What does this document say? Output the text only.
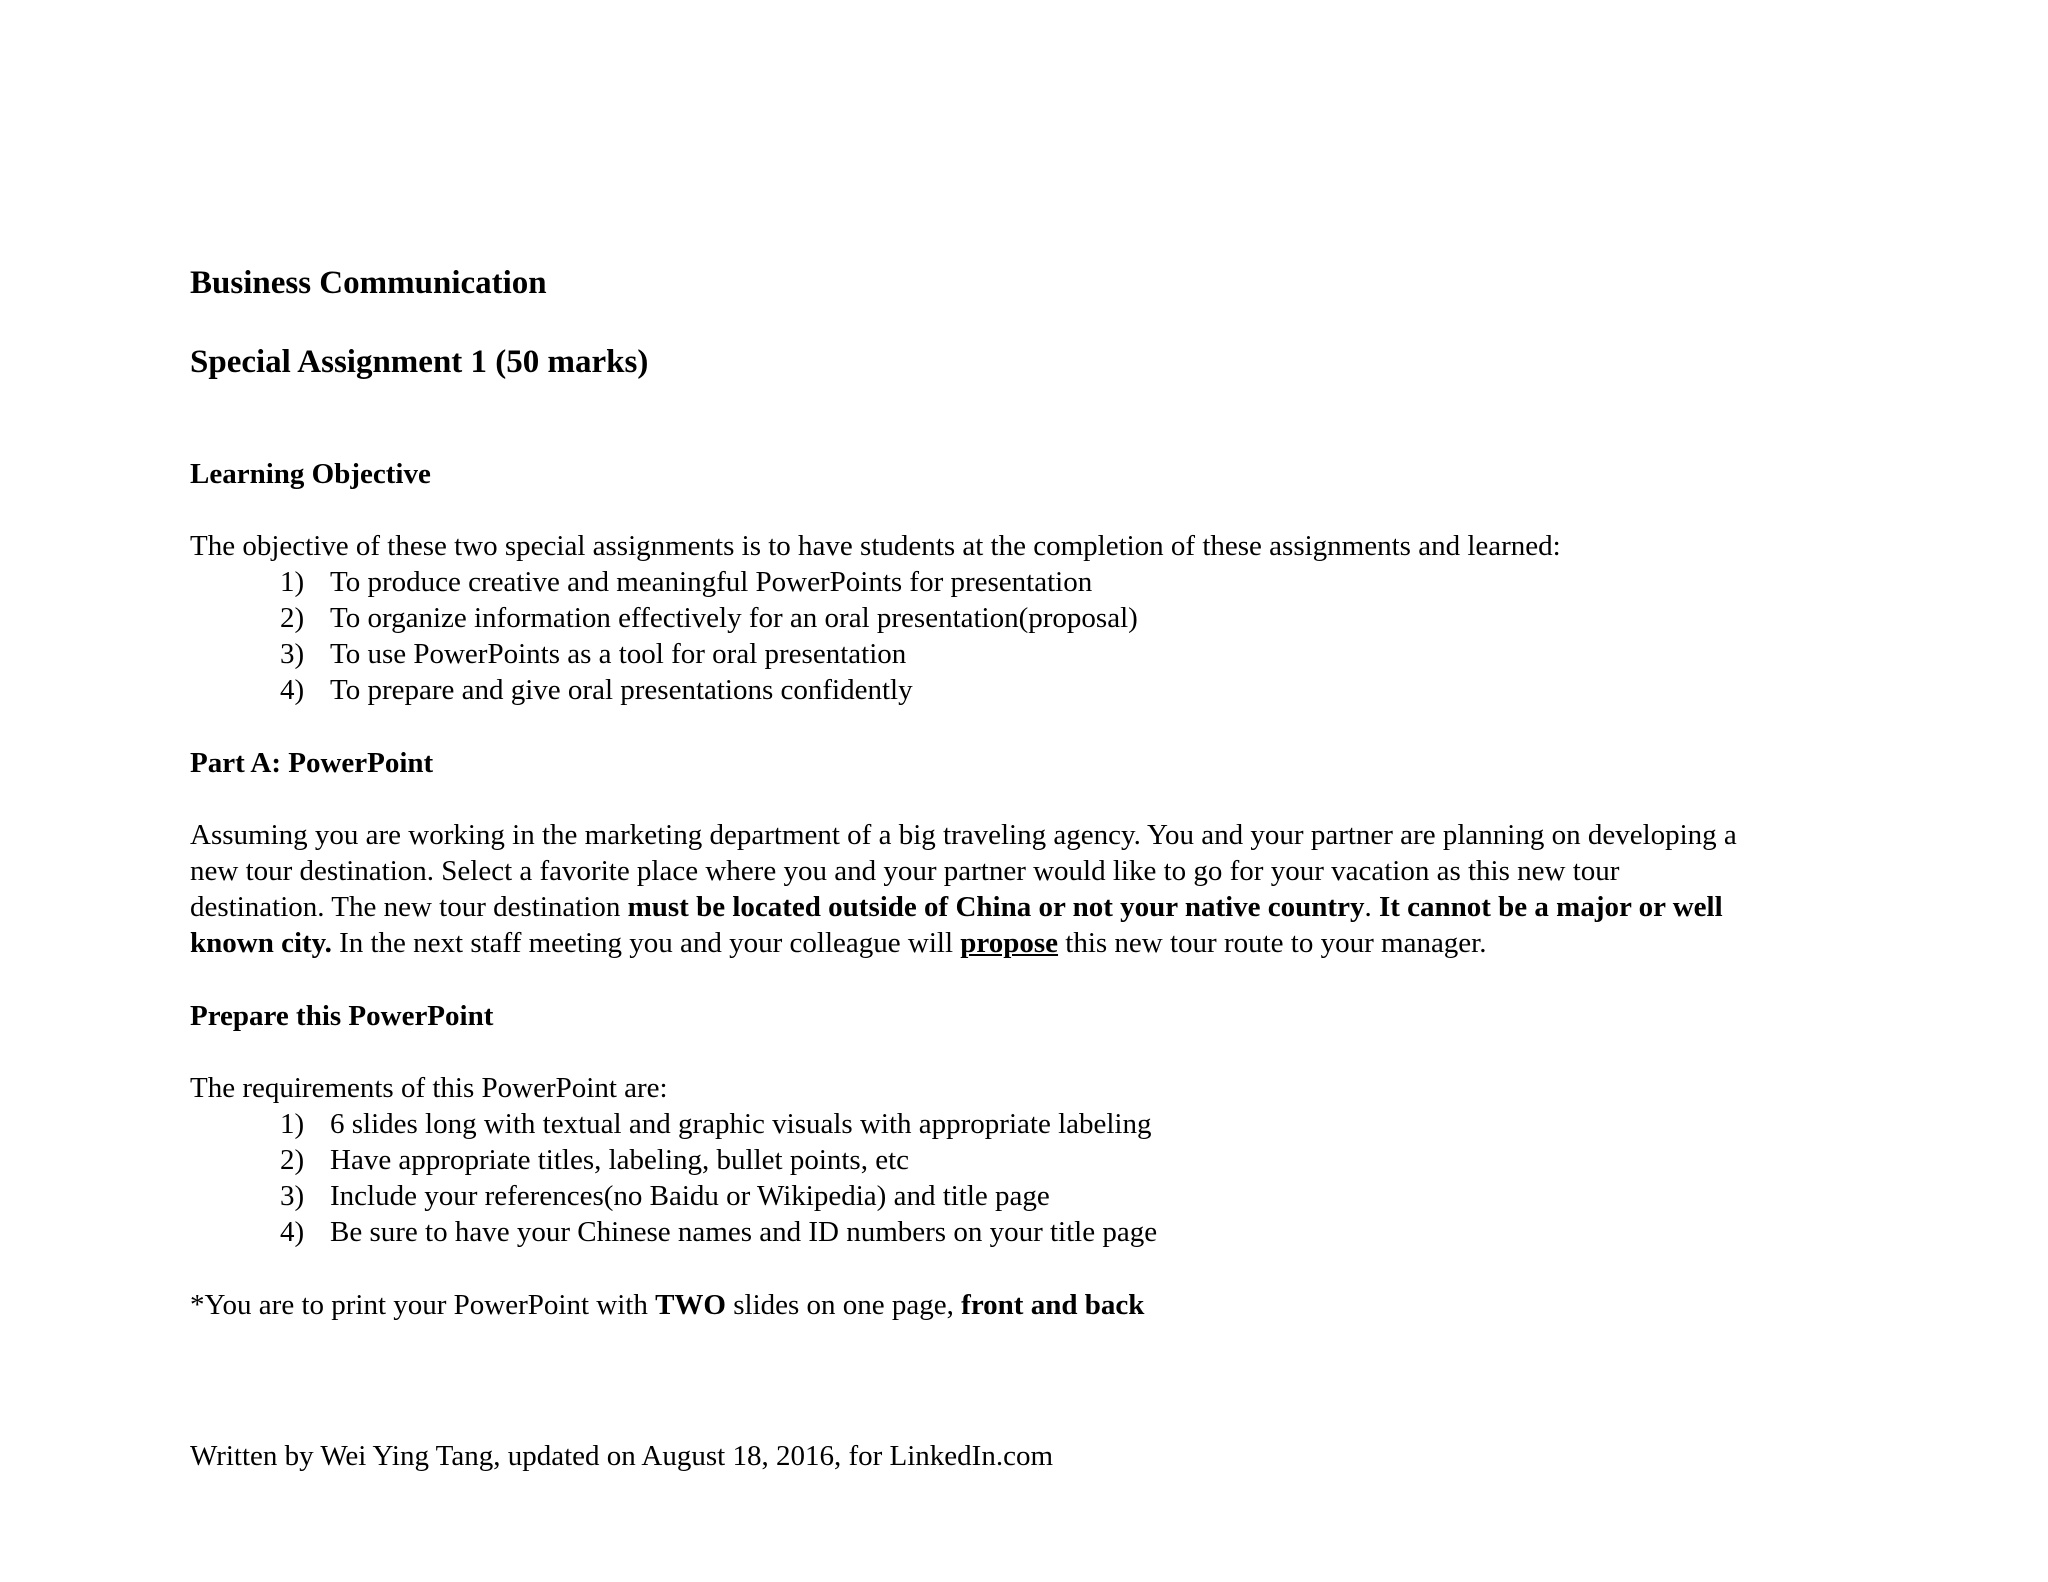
Business Communication
Special Assignment 1 (50 marks)
Learning Objective
The objective of these two special assignments is to have students at the completion of these assignments and learned:
1) To produce creative and meaningful PowerPoints for presentation
2) To organize information effectively for an oral presentation(proposal)
3) To use PowerPoints as a tool for oral presentation
4) To prepare and give oral presentations confidently
Part A: PowerPoint
Assuming you are working in the marketing department of a big traveling agency. You and your partner are planning on developing a
new tour destination. Select a favorite place where you and your partner would like to go for your vacation as this new tour
destination. The new tour destination must be located outside of China or not your native country. It cannot be a major or well
known city. In the next staff meeting you and your colleague will propose this new tour route to your manager.
Prepare this PowerPoint
The requirements of this PowerPoint are:
1) 6 slides long with textual and graphic visuals with appropriate labeling
2) Have appropriate titles, labeling, bullet points, etc
3) Include your references(no Baidu or Wikipedia) and title page
4) Be sure to have your Chinese names and ID numbers on your title page
*You are to print your PowerPoint with TWO slides on one page, front and back
Written by Wei Ying Tang, updated on August 18, 2016, for LinkedIn.com
